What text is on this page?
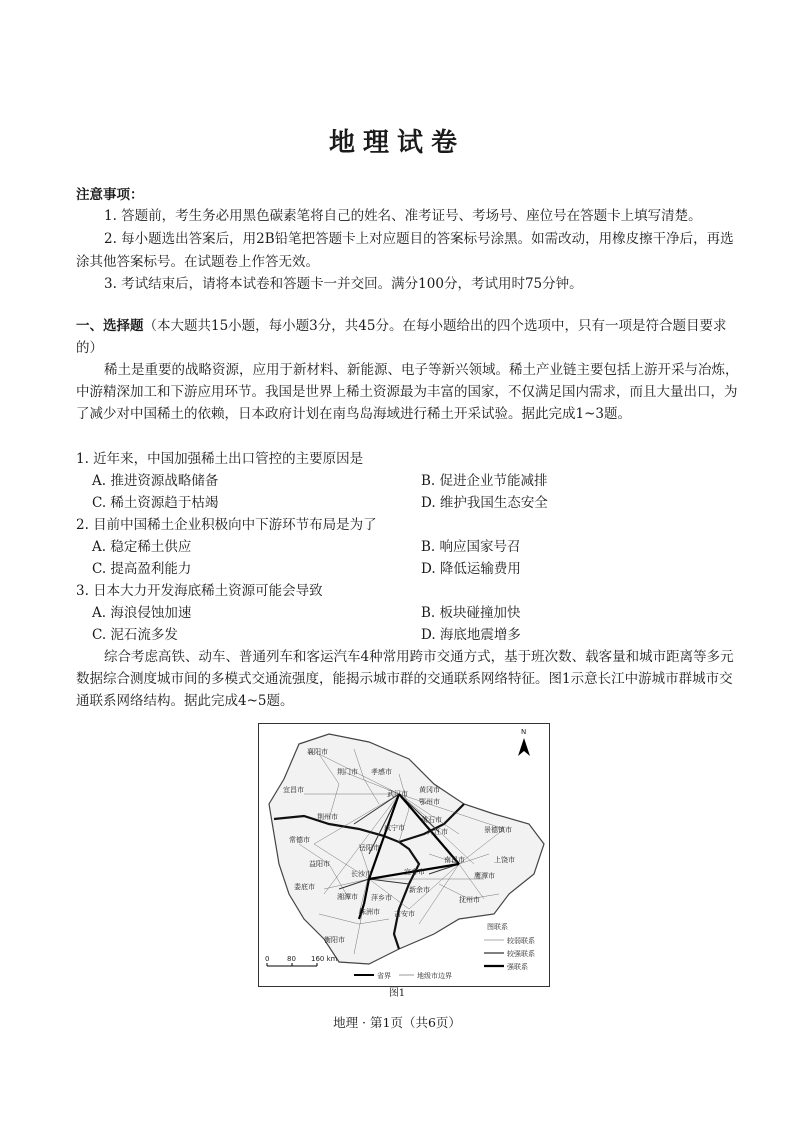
地理试卷
注意事项：
1. 答题前，考生务必用黑色碳素笔将自己的姓名、准考证号、考场号、座位号在答题卡上填写清楚。
2. 每小题选出答案后，用2B铅笔把答题卡上对应题目的答案标号涂黑。如需改动，用橡皮擦干净后，再选涂其他答案标号。在试题卷上作答无效。
3. 考试结束后，请将本试卷和答题卡一并交回。满分100分，考试用时75分钟。
一、选择题（本大题共15小题，每小题3分，共45分。在每小题给出的四个选项中，只有一项是符合题目要求的）
稀土是重要的战略资源，应用于新材料、新能源、电子等新兴领域。稀土产业链主要包括上游开采与冶炼，中游精深加工和下游应用环节。我国是世界上稀土资源最为丰富的国家，不仅满足国内需求，而且大量出口，为了减少对中国稀土的依赖，日本政府计划在南鸟岛海域进行稀土开采试验。据此完成1~3题。
1. 近年来，中国加强稀土出口管控的主要原因是
A. 推进资源战略储备	B. 促进企业节能减排
C. 稀土资源趋于枯竭	D. 维护我国生态安全
2. 目前中国稀土企业积极向中下游环节布局是为了
A. 稳定稀土供应	B. 响应国家号召
C. 提高盈利能力	D. 降低运输费用
3. 日本大力开发海底稀土资源可能会导致
A. 海浪侵蚀加速	B. 板块碰撞加快
C. 泥石流多发	D. 海底地震增多
综合考虑高铁、动车、普通列车和客运汽车4种常用跨市交通方式，基于班次数、载客量和城市距离等多元数据综合测度城市间的多模式交通流强度，能揭示城市群的交通联系网络特征。图1示意长江中游城市群城市交通联系网络结构。据此完成4~5题。
襄阳市
荆门市 孝感市
宜昌市	武汉市 黄冈市
鄂州市
荆州市
咸宁市
黄石市
九江市	景德镇市
岳阳市
常德市
益阳市	南昌市	上饶市
长沙市	宜春市	鹰潭市
娄底市
湘潭市
新余市
株洲市
抚州市
衡阳市
吉安市
萍乡市
N
图联系
较弱联系
较强联系
强联系
0	80 160 km
省界	地级市边界
图1
地理 · 第1页（共6页）
